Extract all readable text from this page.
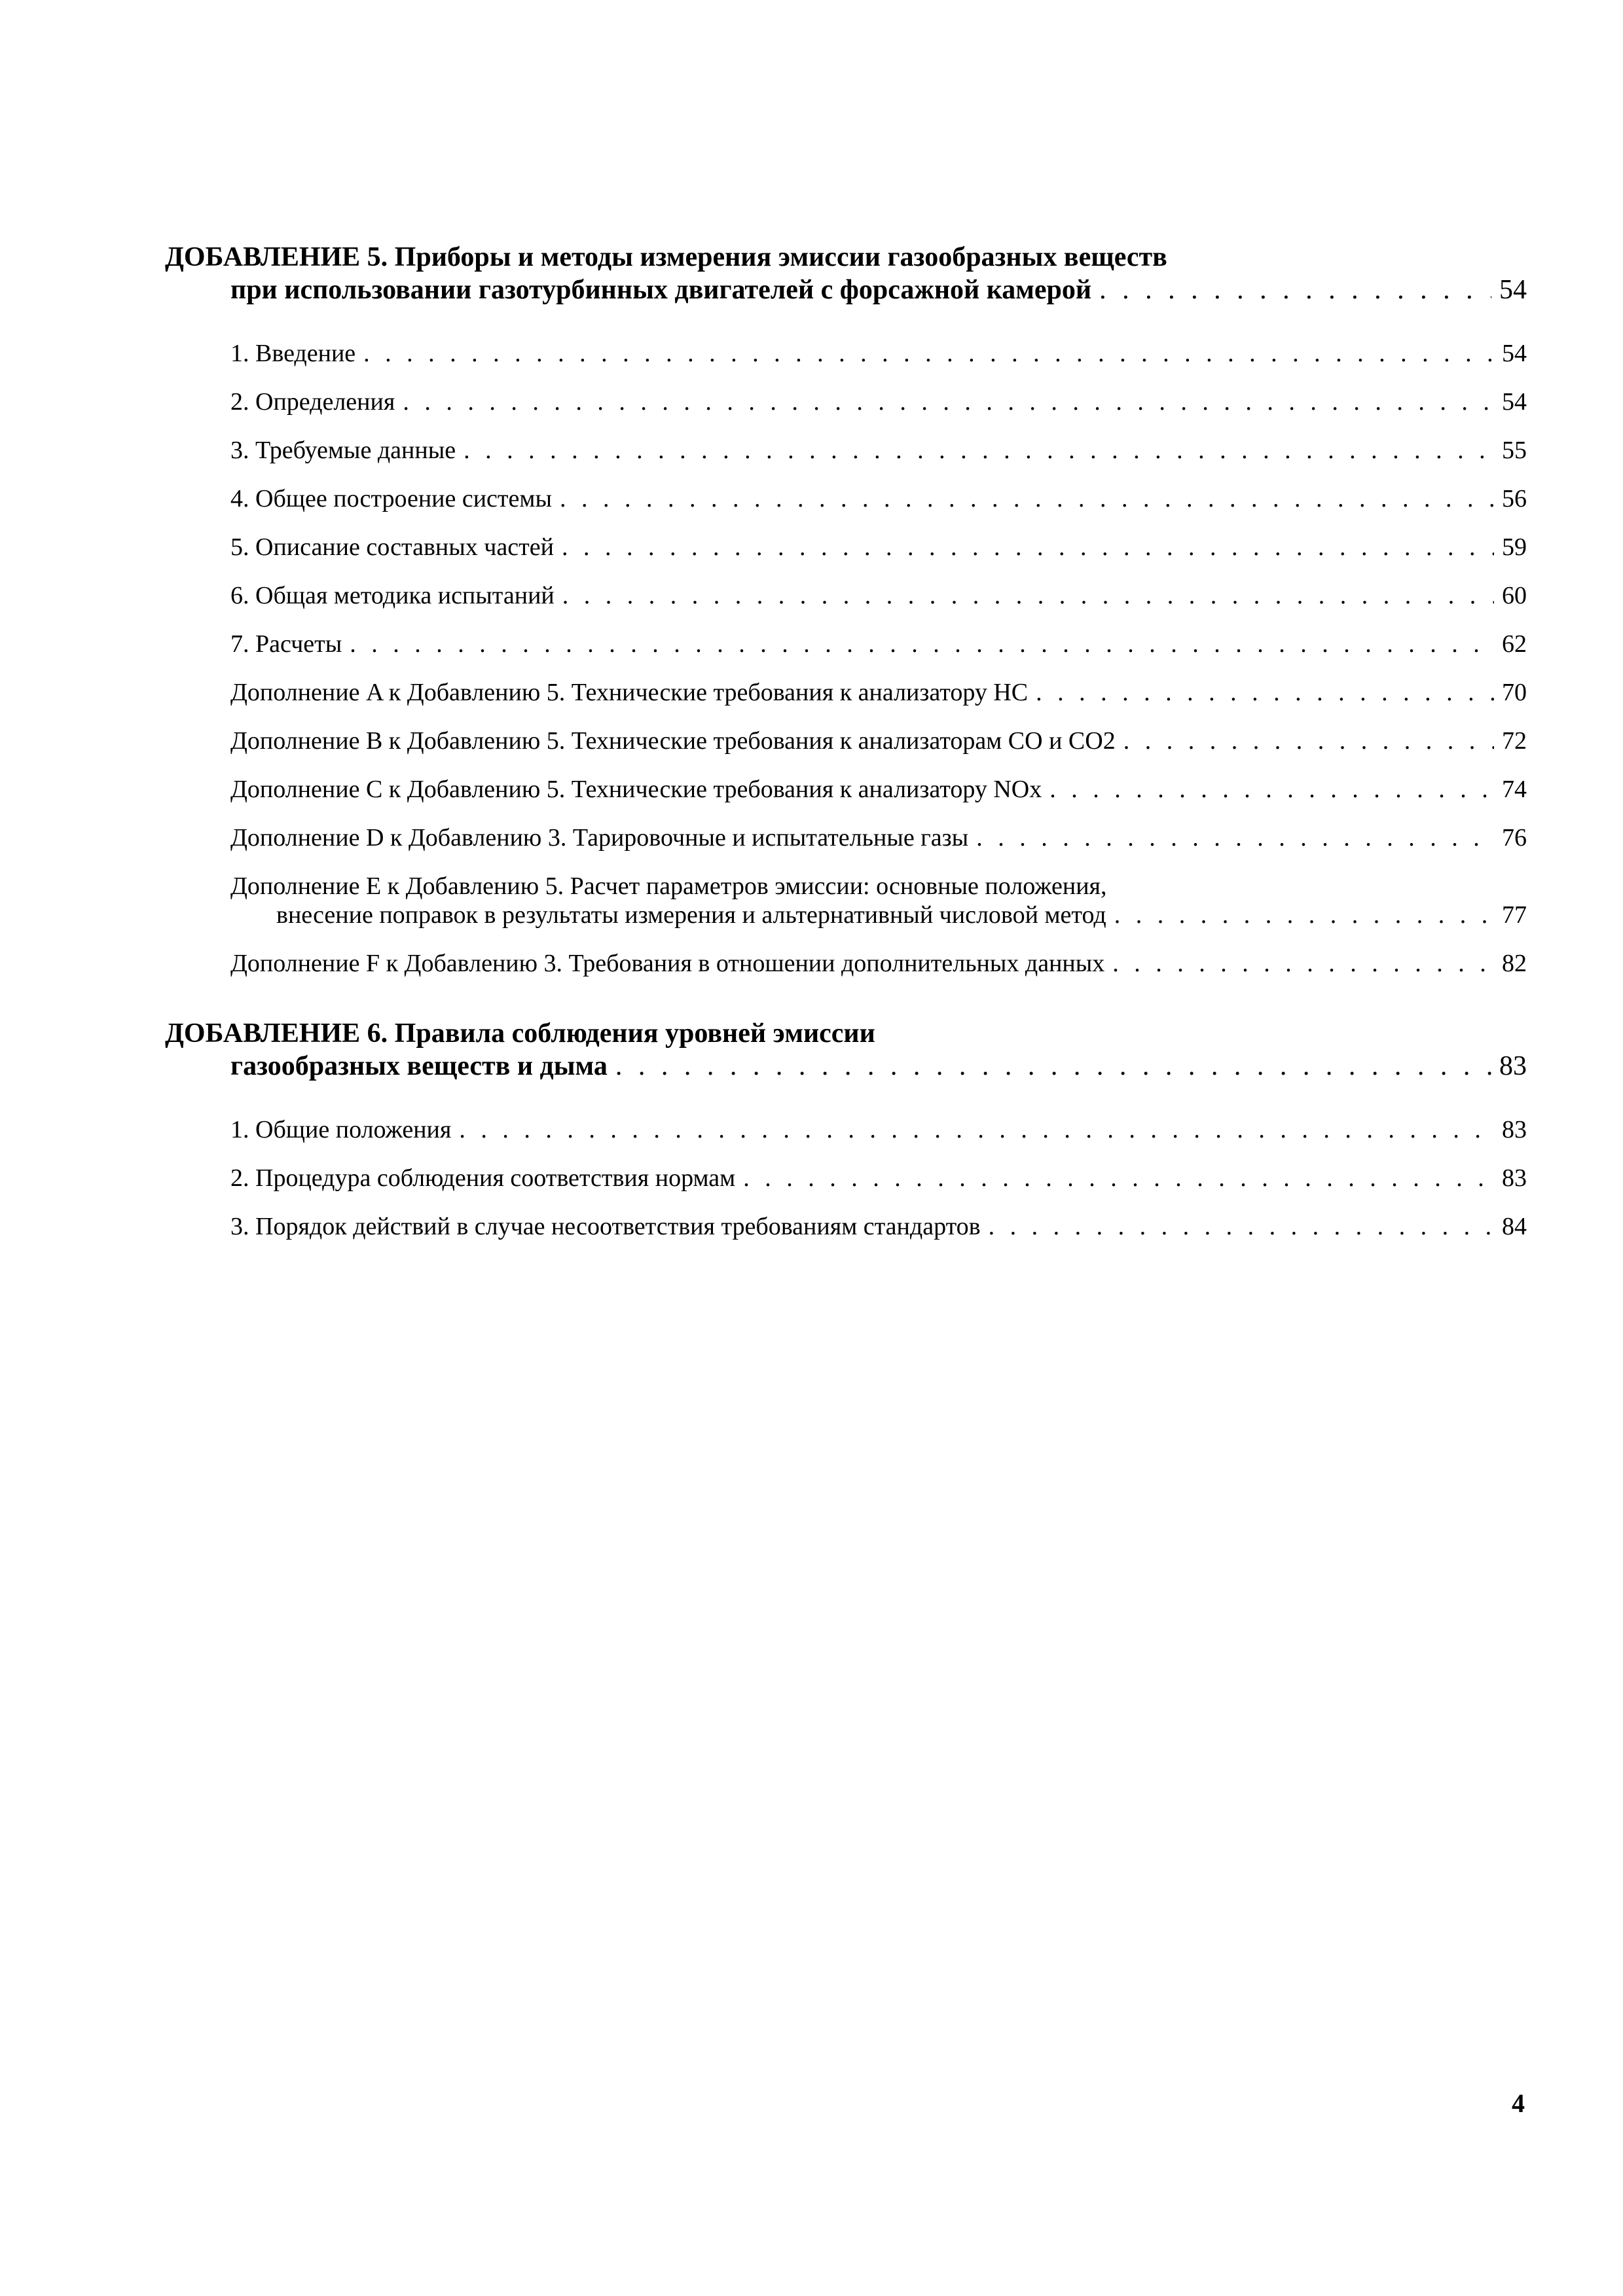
ДОБАВЛЕНИЕ 5. Приборы и методы измерения эмиссии газообразных веществ
при использовании газотурбинных двигателей с форсажной камерой . . .	54
1. Введение . . .	54
2. Определения . . .	54
3. Требуемые данные . . .	55
4. Общее построение системы . . .	56
5. Описание составных частей . . .	59
6. Общая методика испытаний . . .	60
7. Расчеты . . .	62
Дополнение A к Добавлению 5. Технические требования к анализатору HC . . .	70
Дополнение B к Добавлению 5. Технические требования к анализаторам CO и CO2 . . .	72
Дополнение C к Добавлению 5. Технические требования к анализатору NOx . . .	74
Дополнение D к Добавлению 3. Тарировочные и испытательные газы . . .	76
Дополнение E к Добавлению 5. Расчет параметров эмиссии: основные положения,
внесение поправок в результаты измерения и альтернативный числовой метод . . .	77
Дополнение F к Добавлению 3. Требования в отношении дополнительных данных . . .	82
ДОБАВЛЕНИЕ 6. Правила соблюдения уровней эмиссии
газообразных веществ и дыма . . .	83
1. Общие положения . . .	83
2. Процедура соблюдения соответствия нормам . . .	83
3. Порядок действий в случае несоответствия требованиям стандартов . . .	84
4
